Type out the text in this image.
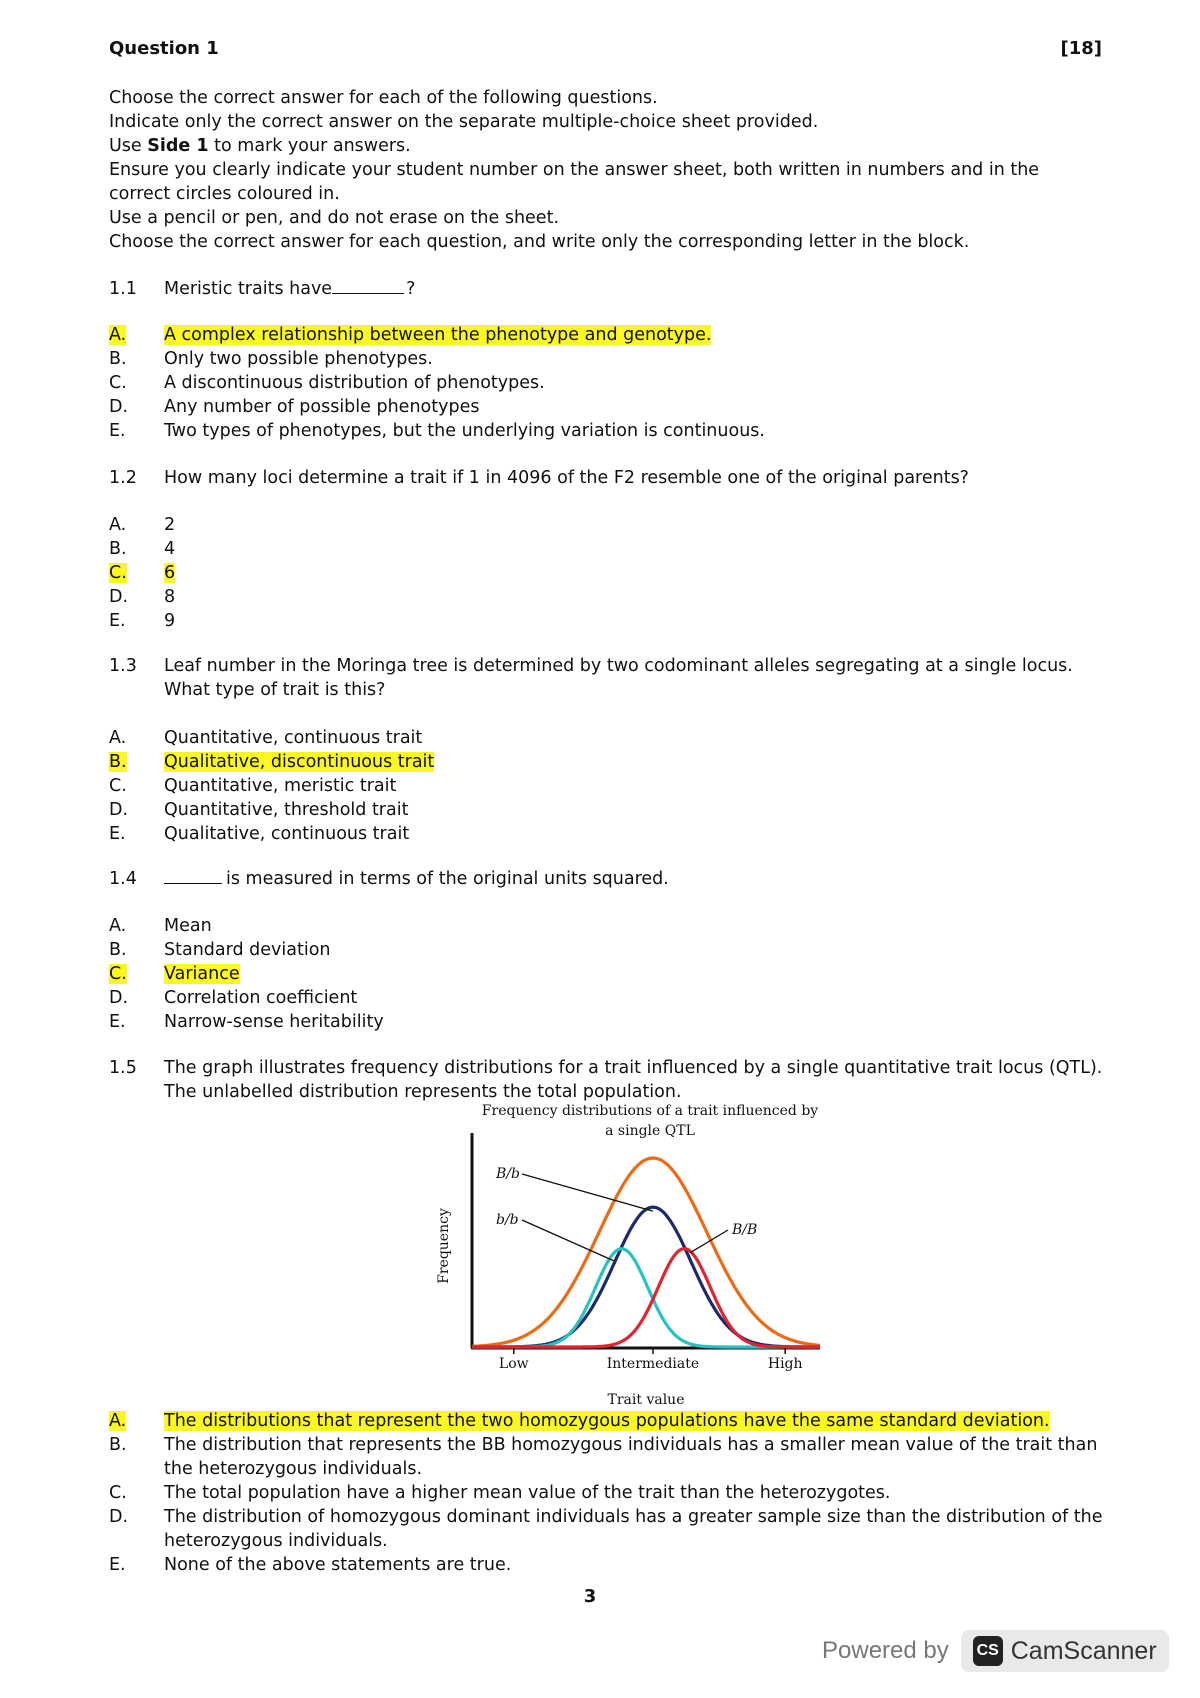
Question 1	[18]

Choose the correct answer for each of the following questions.

Indicate only the correct answer on the separate multiple-choice sheet provided.

Use Side 1 to mark your answers.

Ensure you clearly indicate your student number on the answer sheet, both written in numbers and in the correct circles coloured in.

Use a pencil or pen, and do not erase on the sheet.

Choose the correct answer for each question, and write only the corresponding letter in the block.

1.1	Meristic traits have	?
A.	A complex relationship between the phenotype and genotype.
B.	Only two possible phenotypes.
C.	A discontinuous distribution of phenotypes.
D.	Any number of possible phenotypes
E.	Two types of phenotypes, but the underlying variation is continuous.
1.2	How many loci determine a trait if 1 in 4096 of the F2 resemble one of the original parents?
A.	2
B.	4
C.	6
D.	8
E.	9
1.3	Leaf number in the Moringa tree is determined by two codominant alleles segregating at a single locus. What type of trait is this?
A.	Quantitative, continuous trait
B.	Qualitative, discontinuous trait
C.	Quantitative, meristic trait
D.	Quantitative, threshold trait
E.	Qualitative, continuous trait
1.4	is measured in terms of the original units squared.
A.	Mean
B.	Standard deviation
C.	Variance
D.	Correlation coefficient
E.	Narrow-sense heritability
1.5	The graph illustrates frequency distributions for a trait influenced by a single quantitative trait locus (QTL). The unlabelled distribution represents the total population.
Frequency distributions of a trait influenced by a single QTL
Frequency
Low	Intermediate	High
Trait value
B/b
b/b
B/B
A.	The distributions that represent the two homozygous populations have the same standard deviation.
B.	The distribution that represents the BB homozygous individuals has a smaller mean value of the trait than the heterozygous individuals.
C.	The total population have a higher mean value of the trait than the heterozygotes.
D.	The distribution of homozygous dominant individuals has a greater sample size than the distribution of the heterozygous individuals.
E.	None of the above statements are true.
3
Powered by CS CamScanner
